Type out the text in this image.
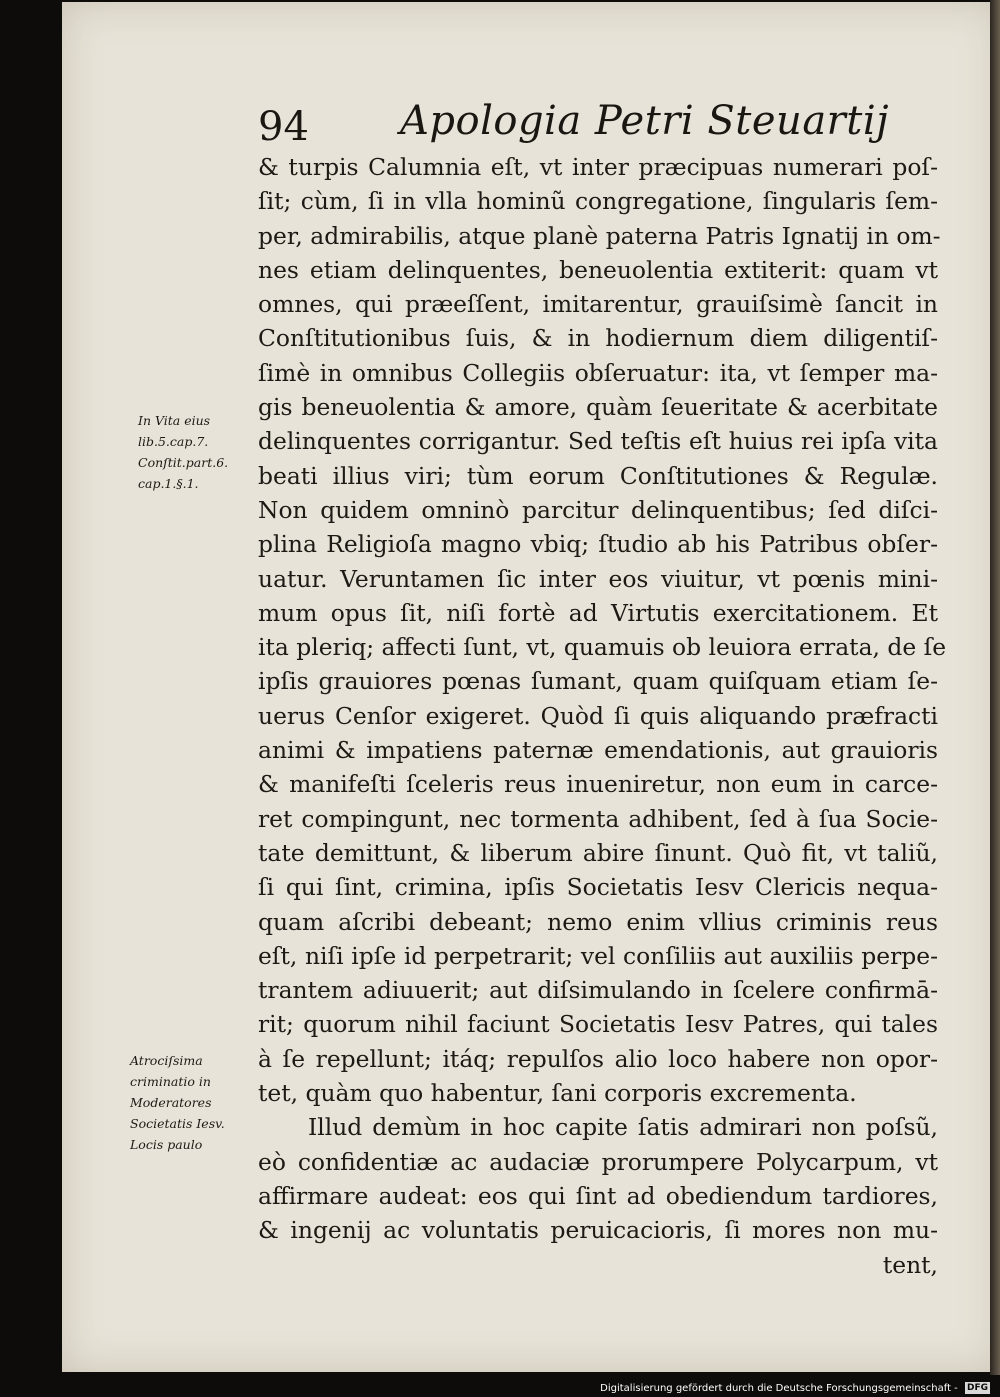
94 Apologia Petri Steuartij
& turpis Calumnia eſt, vt inter præcipuas numerari poſ-
ſit; cùm, ſi in vlla hominũ congregatione, ſingularis ſem-
per, admirabilis, atque planè paterna Patris Ignatij in om-
nes etiam delinquentes, beneuolentia extiterit: quam vt
omnes, qui præeſſent, imitarentur, grauiſsimè ſancit in
Conſtitutionibus ſuis, & in hodiernum diem diligentiſ-
ſimè in omnibus Collegiis obſeruatur: ita, vt ſemper ma-
gis beneuolentia & amore, quàm ſeueritate & acerbitate
delinquentes corrigantur. Sed teſtis eſt huius rei ipſa vita
beati illius viri; tùm eorum Conſtitutiones & Regulæ.
Non quidem omninò parcitur delinquentibus; ſed diſci-
plina Religioſa magno vbiq; ſtudio ab his Patribus obſer-
uatur. Veruntamen ſic inter eos viuitur, vt pœnis mini-
mum opus ſit, niſi fortè ad Virtutis exercitationem. Et
ita pleriq; affecti ſunt, vt, quamuis ob leuiora errata, de ſe
ipſis grauiores pœnas ſumant, quam quiſquam etiam ſe-
uerus Cenſor exigeret. Quòd ſi quis aliquando præfracti
animi & impatiens paternæ emendationis, aut grauioris
& manifeſti ſceleris reus inueniretur, non eum in carce-
ret compingunt, nec tormenta adhibent, ſed à ſua Socie-
tate demittunt, & liberum abire ſinunt. Quò fit, vt taliũ,
ſi qui ſint, crimina, ipſis Societatis Iesv Clericis nequa-
quam aſcribi debeant; nemo enim vllius criminis reus
eſt, niſi ipſe id perpetrarit; vel conſiliis aut auxiliis perpe-
trantem adiuuerit; aut diſsimulando in ſcelere confirmā-
rit; quorum nihil faciunt Societatis Iesv Patres, qui tales
à ſe repellunt; itáq; repulſos alio loco habere non opor-
tet, quàm quo habentur, ſani corporis excrementa.
Illud demùm in hoc capite ſatis admirari non poſsũ,
eò confidentiæ ac audaciæ prorumpere Polycarpum, vt
affirmare audeat: eos qui ſint ad obediendum tardiores,
& ingenij ac voluntatis peruicacioris, ſi mores non mu-
tent,
In Vita eius
lib.5.cap.7.
Conſtit.part.6.
cap.1.§.1.
Atrociſsima
criminatio in
Moderatores
Societatis Iesv.
Locis paulo
Digitalisierung gefördert durch die Deutsche Forschungsgemeinschaft - DFG
